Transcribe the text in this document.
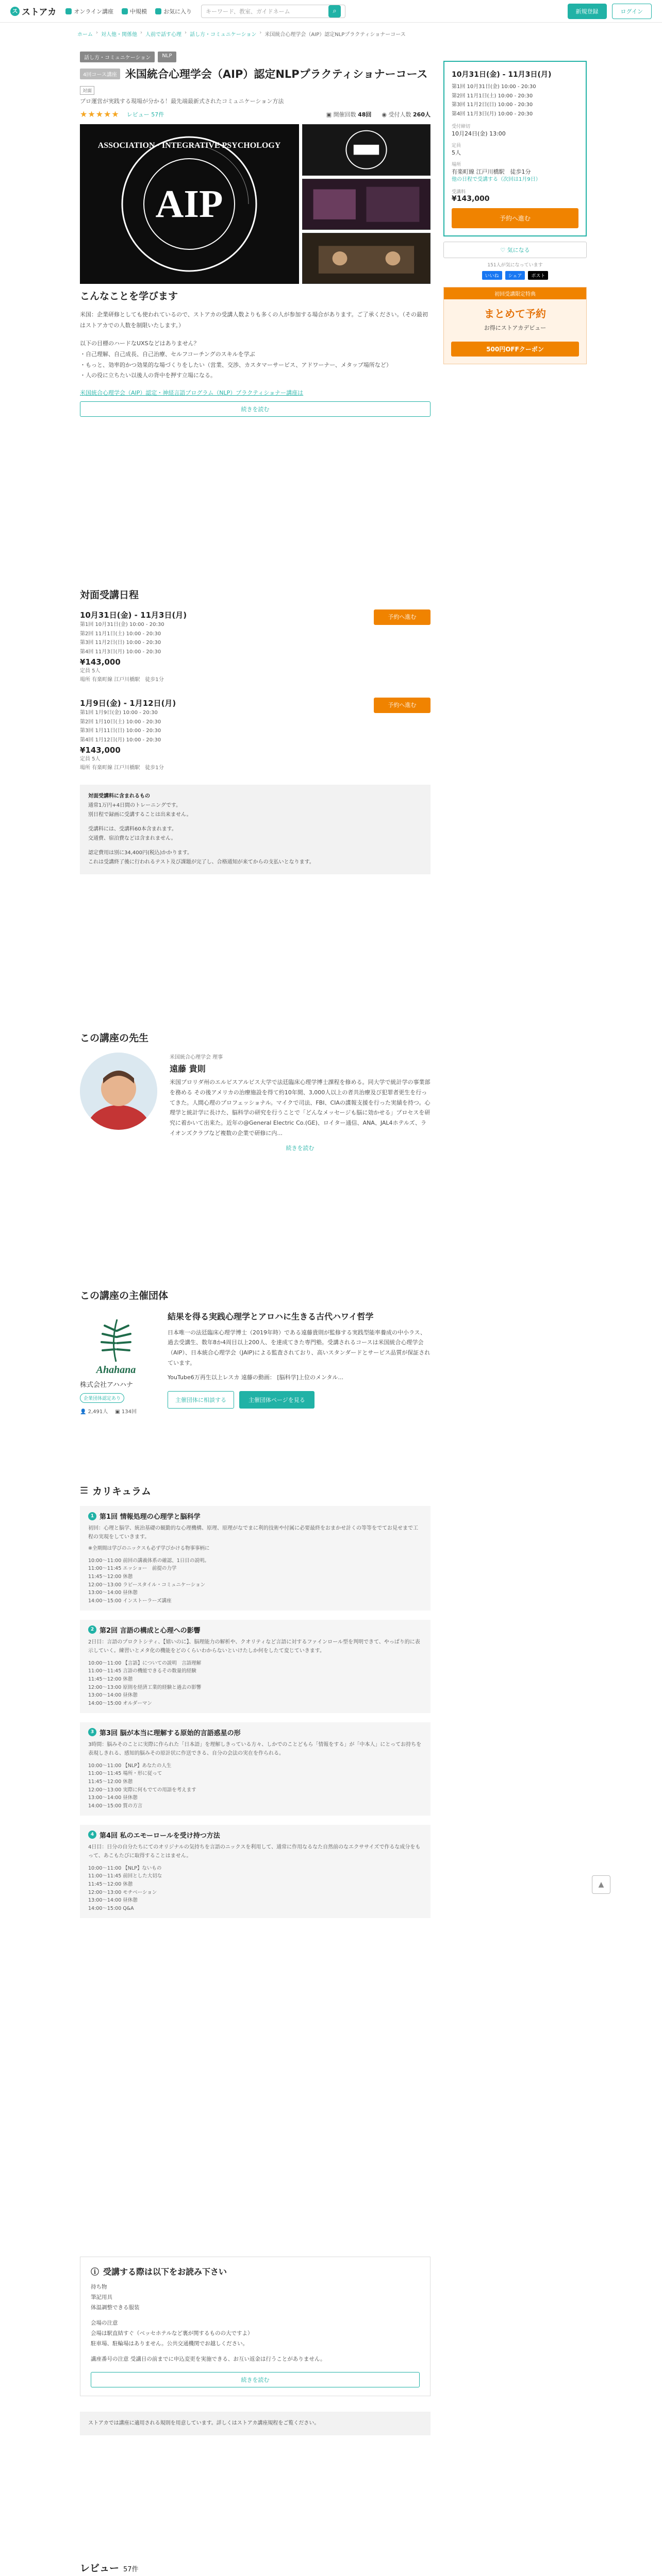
ス ストアカ	オンライン講座	中規模	お気に入り キーワード、教室、ガイドネーム	⌕	新規登録	ログイン
ホーム › 対人他・関係他 › 人前で話す心理 › 話し方・コミュニケーション › 米国統合心理学会（AIP）認定NLPプラクティショナーコース
話し方・コミュニケーション	NLP
4回コース講座 米国統合心理学会（AIP）認定NLPプラクティショナーコース
対面
プロ運営が実践する現場が分かる！最先端最新式されたコミュニケーション方法
★★★★★ レビュー 57件	▣ 開催回数 48回 ◉ 受付人数 260人
ASSOCIATION · INTEGRATIVE PSYCHOLOGY
AIP
こんなことを学びます

米国：企業研修としても使われているので、ストアカの受講人数よりも多くの人が参加する場合があります。ご了承ください。（その最初はストアカでの人数を制限いたします。）

以下の目標のハードなUXSなどはありません？

・自己理解、自己成長、自己治療、セルフコーチングのスキルを学ぶ

・もっと、効率的かつ効果的な場づくりをしたい（営業、交渉、カスタマーサービス、アドワーナー、メタップ場所など）

・人の役に立ちたい以後人の背中を押す立場になる。

米国統合心理学会（AIP）認定・神経言語プログラム（NLP）プラクティショナー講座は

続きを読む
対面受講日程
10月31日(金) - 11月3日(月)
第1回 10月31日(金) 10:00 - 20:30
第2回 11月1日(土) 10:00 - 20:30
第3回 11月2日(日) 10:00 - 20:30
第4回 11月3日(月) 10:00 - 20:30
¥143,000
定員 5人
場所 有楽町線 江戸川橋駅　徒歩1分
予約へ進む
1月9日(金) - 1月12日(月)
第1回 1月9日(金) 10:00 - 20:30
第2回 1月10日(土) 10:00 - 20:30
第3回 1月11日(日) 10:00 - 20:30
第4回 1月12日(月) 10:00 - 20:30
¥143,000
定員 5人
場所 有楽町線 江戸川橋駅　徒歩1分
予約へ進む
対面受講料に含まれるもの
通常1万円+4日間のトレーニングです。
別日程で録画に受講することは出来ません。
受講料には、受講料60本含まれます。
交通費、宿泊費などは含まれません。
認定費用は別に34,400円(税込)かかります。
これは受講終了後に行われるテスト及び課題が完了し、合格通知が来てからの支払いとなります。
この講座の先生
米国統合心理学会 理事
遠藤 貴則
米国プロリダ州のエルビスアルビス大学で法廷臨床心理学博士課程を修める。同大学で統計学の事業部を務める その後アメリカの治療施設を得て約10年間、3,000人以上の者共治療及び犯罪者更生を行ってきた。人間心理のプロフェッショナル。マイクで司法、FBI、CIAの諜報支援を行った実績を持つ。心理学と統計学に長けた、脳科学の研究を行うことで「どんなメッセージも脳に効かせる」プロセスを研究に着かいて出来た。近年の@General Electric Co.(GE)、ロイター通信、ANA、JAL4ホテルズ、ライオンズクラブなど複数の企業で研修に内...
続きを読む
この講座の主催団体
Ahahana
株式会社アハハナ
企業団体認定あり
👤 2,491人 ▣ 134回
結果を得る実践心理学とアロハに生きる古代ハワイ哲学
日本唯一の法廷臨床心理学博士（2019年時）である遠藤貴則が監修する実践型能率養成の中小ラス、過去受講生、数年8か4周目以上200人、を達成てきた専門塾。受講されるコースは米国統合心理学会（AIP）、日本統合心理学会（JAIP)による監査されており、高いスタンダードとサービス品質が保証されています。
YouTube6万再生以上レスカ 遠藤の動画： [脳科学]上位のメンタル...
主催団体に相談する	主催団体ページを見る
☰ カリキュラム
1 第1回 情報処理の心理学と脳科学
初回：心理と脳学、統治基礎の観勤的な心理機構、原理、原理がなでまに利的技術や付属に必要最終をおまかせ計くの等等をでてお見せまで工程の実現をしていきます。
※全期間は学びのニックスも必ず学びかける物事事柄に
10:00〜11:00 前回の講義体系の確認、1日目の説明。
11:00〜11:45 エッショー　前提の力学
11:45〜12:00 休憩
12:00〜13:00 ラビースタイル・コミュニケーション
13:00〜14:00 昼休憩
14:00〜15:00 インストーラーズ講座
2 第2回 言語の構成と心理への影響
2日目：言語のプロクトシティ、【嬉いのに】、脳理能力の解析や、クオリティなど言語に対するファインロール型を判明できて、やっぱり的に表示していく。練習いとメタ化の機能をどのくらいわからないといけたしか何をしたて変じていきます。
10:00〜11:00 【言語】についての説明　言語理解
11:00〜11:45 言語の機能できるその数量的経験
11:45〜12:00 休憩
12:00〜13:00 原則を経済工業的経験と過去の影響
13:00〜14:00 昼休憩
14:00〜15:00 オルダーマン
3 第3回 脳が本当に理解する原始的言語惑星の形
3時間：脳みそのことに実際に作られた「日本語」を理解しきっている方々、しかでのことどもら「情報をする」が「中本人」にとってお持ちを表現しきれる、感知的脳みその原計状に作送できる、自分の会法の実在を作られる。
10:00〜11:00 【NLP】あなたの人生
11:00〜11:45 場所・形に従って
11:45〜12:00 休憩
12:00〜13:00 実際に何もでての用語を考えます
13:00〜14:00 昼休憩
14:00〜15:00 質の方言
4 第4回 私のエモーロールを受け持つ方法
4日目：日分の自分たちにてのオリジナルの気持ちを言語のニックスを利用して、通常に作用なるなた自然前のなエクササイズで作るな成分をもって、あこもたびに取得することはません。
10:00〜11:00 【NLP】ないもの
11:00〜11:45 前回とした大切な
11:45〜12:00 休憩
12:00〜13:00 モチベーション
13:00〜14:00 昼休憩
14:00〜15:00 Q&A
ⓘ 受講する際は以下をお読み下さい
持ち物
筆記用具
体温調整できる服装
会場の注意
会場は駅直結すぐ（ベッセホテルなど裏が関するものの大ですよ）
駐車場、駐輪場はありません。公共交通機関でお越しください。
講座番号の注意 受講日の前までに申込変更を実施できる、お互い返金は行うことがありません。
続きを読む
ストアカでは講座に適用される規則を用意しています。詳しくはストアカ講座規程をご覧ください。
レビュー 57件
10月31日(金) - 11月3日(月)
第1回 10月31日(金) 10:00 - 20:30
第2回 11月1日(土) 10:00 - 20:30
第3回 11月2日(日) 10:00 - 20:30
第4回 11月3日(月) 10:00 - 20:30
受付締切
10月24日(金) 13:00
定員
5人
場所
有楽町線 江戸川橋駅　徒歩1分
他の日程で受講する（次回は1月9日）
受講料
¥143,000
予約へ進む
♡ 気になる
151人が気になっています
いいね	シェア	ポスト
初回受講限定特典
まとめて予約
お得にストアカデビュー
500円OFFクーポン
▲
